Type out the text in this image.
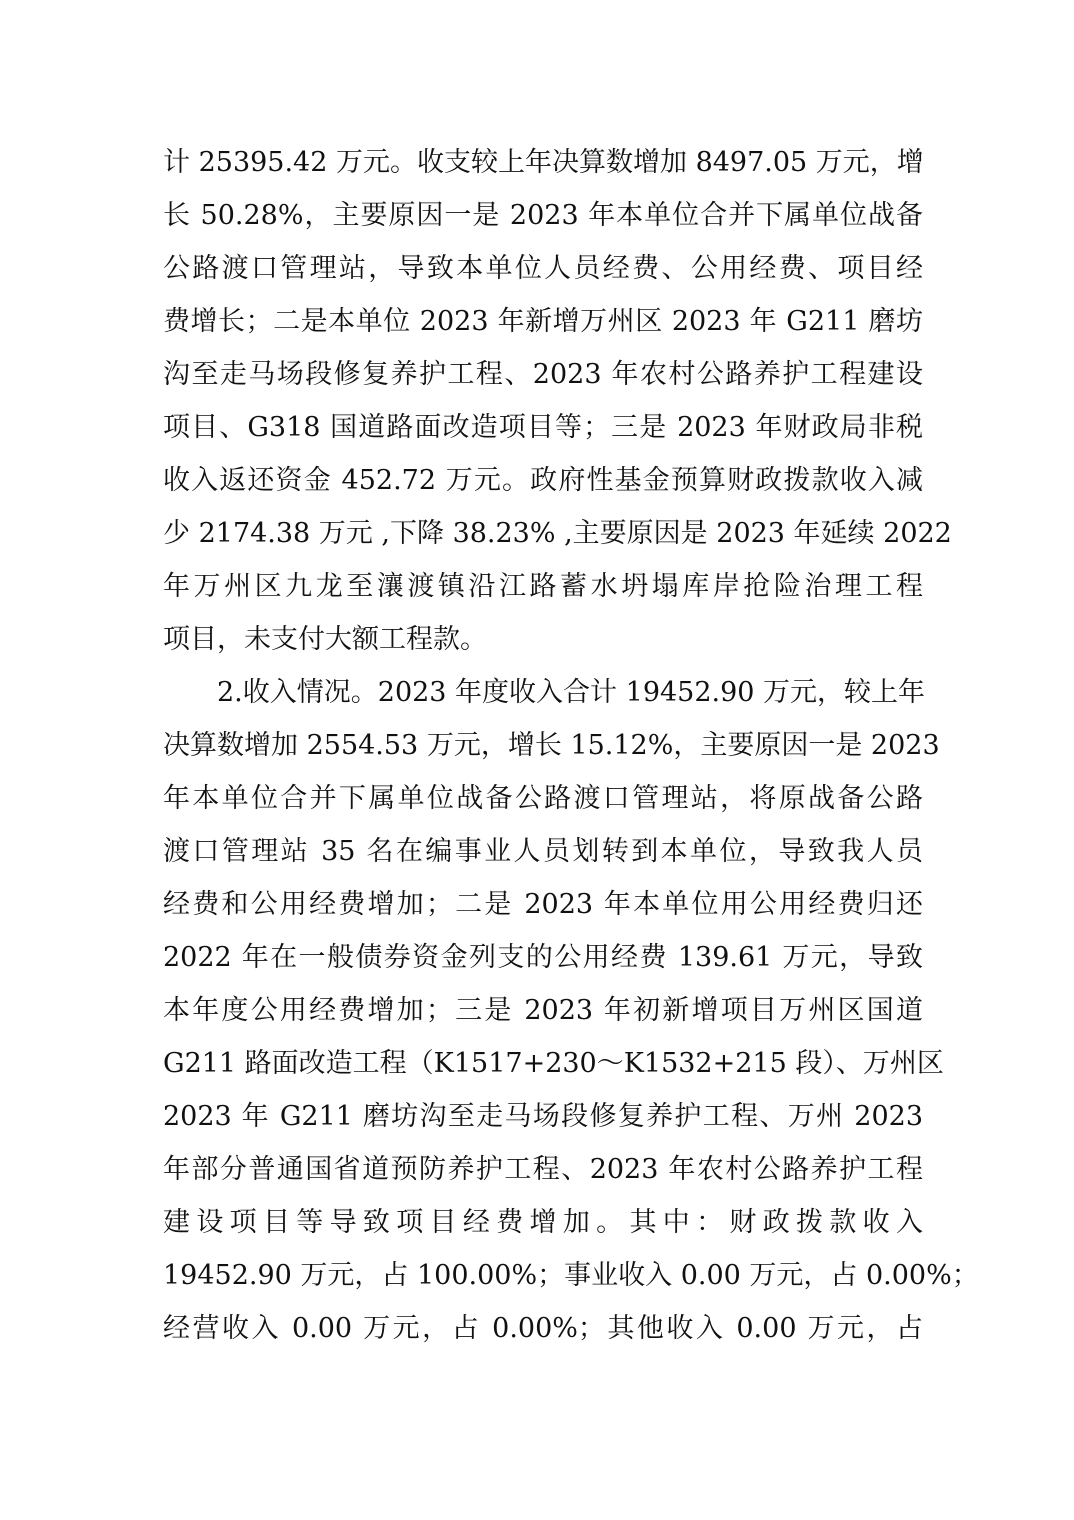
计 25395.42 万元。收支较上年决算数增加 8497.05 万元，增
长 50.28%，主要原因一是 2023 年本单位合并下属单位战备
公路渡口管理站，导致本单位人员经费、公用经费、项目经
费增长；二是本单位 2023 年新增万州区 2023 年 G211 磨坊
沟至走马场段修复养护工程、2023 年农村公路养护工程建设
项目、G318 国道路面改造项目等；三是 2023 年财政局非税
收入返还资金 452.72 万元。政府性基金预算财政拨款收入减
少 2174.38 万元 ,下降 38.23% ,主要原因是 2023 年延续 2022
年万州区九龙至瀼渡镇沿江路蓄水坍塌库岸抢险治理工程
项目，未支付大额工程款。
2.收入情况。2023 年度收入合计 19452.90 万元，较上年
决算数增加 2554.53 万元，增长 15.12%，主要原因一是 2023
年本单位合并下属单位战备公路渡口管理站，将原战备公路
渡口管理站 35 名在编事业人员划转到本单位，导致我人员
经费和公用经费增加；二是 2023 年本单位用公用经费归还
2022 年在一般债券资金列支的公用经费 139.61 万元，导致
本年度公用经费增加；三是 2023 年初新增项目万州区国道
G211 路面改造工程（K1517+230～K1532+215 段）、万州区
2023 年 G211 磨坊沟至走马场段修复养护工程、万州 2023
年部分普通国省道预防养护工程、2023 年农村公路养护工程
建设项目等导致项目经费增加。其中：财政拨款收入
19452.90 万元，占 100.00%；事业收入 0.00 万元，占 0.00%；
经营收入 0.00 万元，占 0.00%；其他收入 0.00 万元，占
